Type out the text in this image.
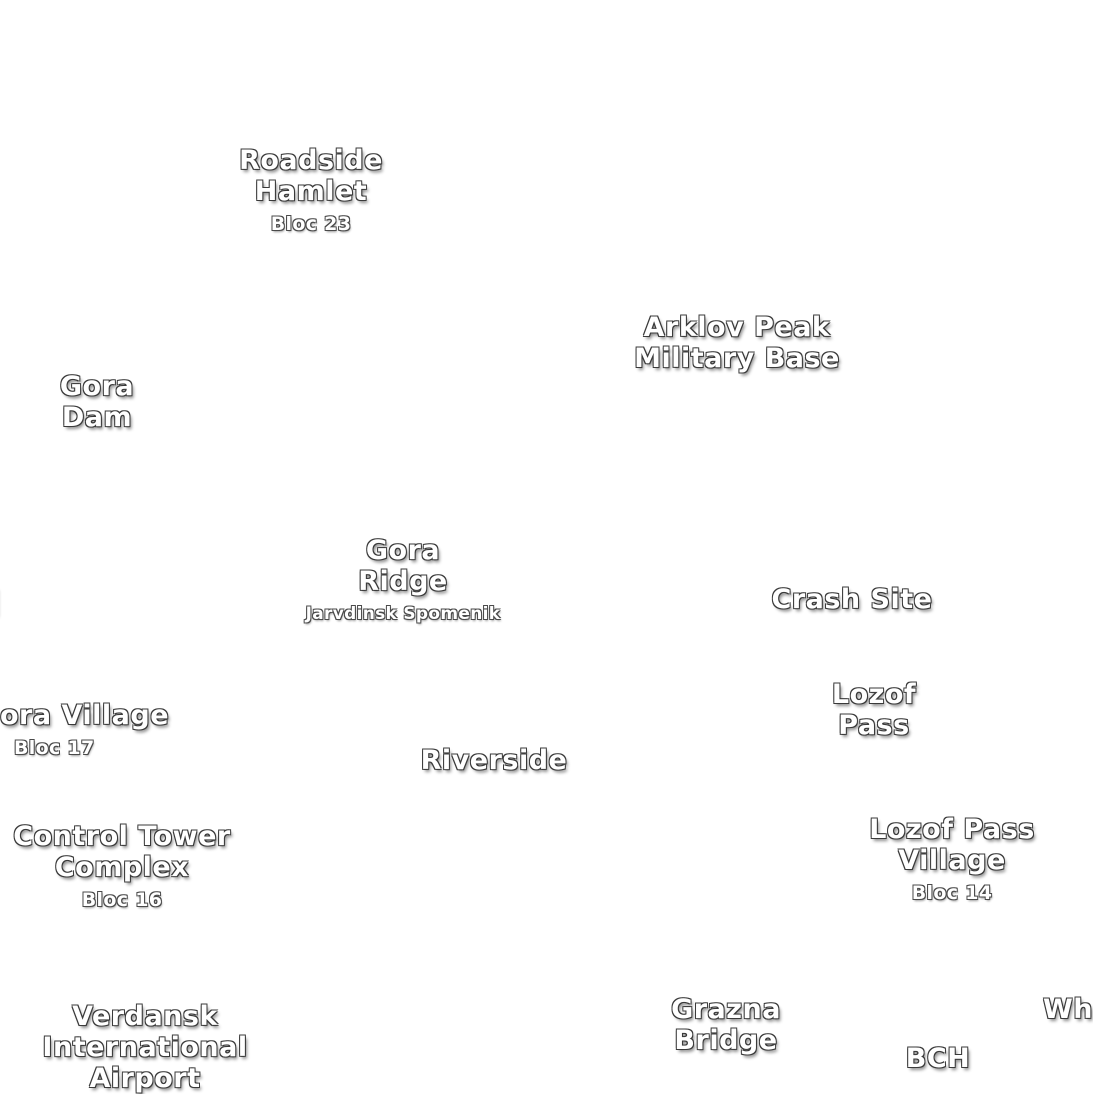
Roadside
Hamlet
Bloc 23
Arklov Peak
Military Base
Gora
Dam
Gora
Ridge
Jarvdinsk Spomenik	Crash Site
Lozof
Pass
ora Village
Bloc 17	Riverside
Control Tower
Complex
Bloc 16
Lozof Pass
Village
Bloc 14
Verdansk
International
Airport
Grazna
Bridge
BCH
Wh
